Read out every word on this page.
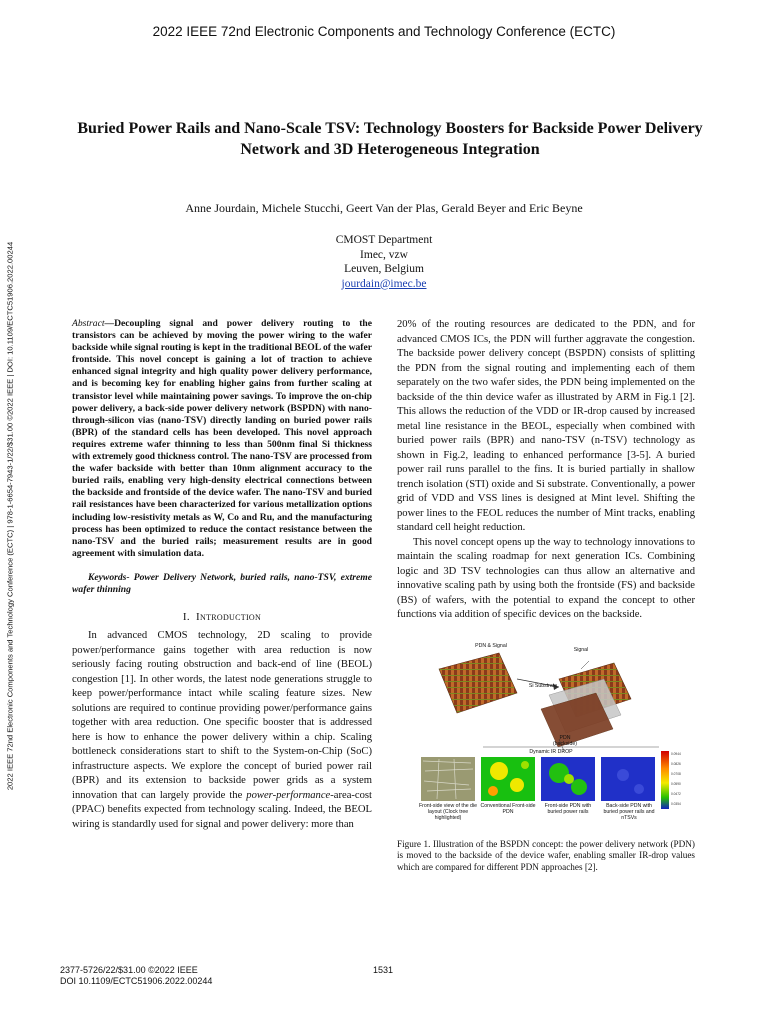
2022 IEEE 72nd Electronic Components and Technology Conference (ECTC)
2022 IEEE 72nd Electronic Components and Technology Conference (ECTC) | 978-1-6654-7943-1/22/$31.00 ©2022 IEEE | DOI: 10.1109/ECTC51906.2022.00244
Buried Power Rails and Nano-Scale TSV: Technology Boosters for Backside Power Delivery Network and 3D Heterogeneous Integration
Anne Jourdain, Michele Stucchi, Geert Van der Plas, Gerald Beyer and Eric Beyne
CMOST Department
Imec, vzw
Leuven, Belgium
jourdain@imec.be

Abstract—Decoupling signal and power delivery routing to the transistors can be achieved by moving the power wiring to the wafer backside while signal routing is kept in the traditional BEOL of the wafer frontside. This novel concept is gaining a lot of traction to achieve enhanced signal integrity and high quality power delivery performance, and is becoming key for enabling higher gains from further scaling at transistor level while maintaining power savings. To improve the on-chip power delivery, a back-side power delivery network (BSPDN) with nano-through-silicon vias (nano-TSV) directly landing on buried power rails (BPR) of the standard cells has been developed. This novel approach requires extreme wafer thinning to less than 500nm final Si thickness with extremely good thickness control. The nano-TSV are processed from the wafer backside with better than 10nm alignment accuracy to the buried rails, enabling very high-density electrical connections between the backside and frontside of the device wafer. The nano-TSV and buried rail resistances have been characterized for various metallization options including low-resistivity metals as W, Co and Ru, and the manufacturing process has been optimized to reduce the contact resistance between the nano-TSV and the buried rails; measurement results are in good agreement with simulation data.

Keywords- Power Delivery Network, buried rails, nano-TSV, extreme wafer thinning

I. Introduction

In advanced CMOS technology, 2D scaling to provide power/performance gains together with area reduction is now seriously facing routing obstruction and back-end of line (BEOL) congestion [1]. In other words, the latest node generations struggle to keep power/performance intact while scaling feature sizes. New solutions are required to continue providing power/performance gains together with area reduction. One specific booster that is addressed here is how to enhance the power delivery within a chip. Scaling bottleneck considerations start to shift to the System-on-Chip (SoC) infrastructure aspects. We explore the concept of buried power rail (BPR) and its extension to backside power grids as a system innovation that can largely provide the power-performance-area-cost (PPAC) benefits expected from technology scaling. Indeed, the BEOL wiring is standardly used for signal and power delivery: more than

20% of the routing resources are dedicated to the PDN, and for advanced CMOS ICs, the PDN will further aggravate the congestion. The backside power delivery concept (BSPDN) consists of splitting the PDN from the signal routing and implementing each of them separately on the two wafer sides, the PDN being implemented on the backside of the thin device wafer as illustrated by ARM in Fig.1 [2]. This allows the reduction of the VDD or IR-drop caused by increased metal line resistance in the BEOL, especially when combined with buried power rails (BPR) and nano-TSV (n-TSV) technology as shown in Fig.2, leading to enhanced performance [3-5]. A buried power rail runs parallel to the fins. It is buried partially in shallow trench isolation (STI) oxide and Si substrate. Conventionally, a power grid of VDD and VSS lines is designed at Mint level. Shifting the power lines to the FEOL reduces the number of Mint tracks, enabling standard cell height reduction.

This novel concept opens up the way to technology innovations to maintain the scaling roadmap for next generation ICs. Combining logic and 3D TSV technologies can thus allow an alternative and innovative scaling path by using both the frontside (FS) and backside (BS) of wafers, with the potential to expand the concept to other functions via addition of specific devices on the backside.

0.0944
0.0826
0.0708
0.0590
0.0472
0.0354
PDN & Signal
Signal
Si Substrate
PDN (backside)
Dynamic IR DROP
Front-side view of the die layout (Clock tree highlighted)
Conventional Front-side PDN
Front-side PDN with buried power rails
Back-side PDN with buried power rails and nTSVs

Figure 1. Illustration of the BSPDN concept: the power delivery network (PDN) is moved to the backside of the device wafer, enabling smaller IR-drop values which are compared for different PDN approaches [2].

2377-5726/22/$31.00 ©2022 IEEE
DOI 10.1109/ECTC51906.2022.00244
1531
